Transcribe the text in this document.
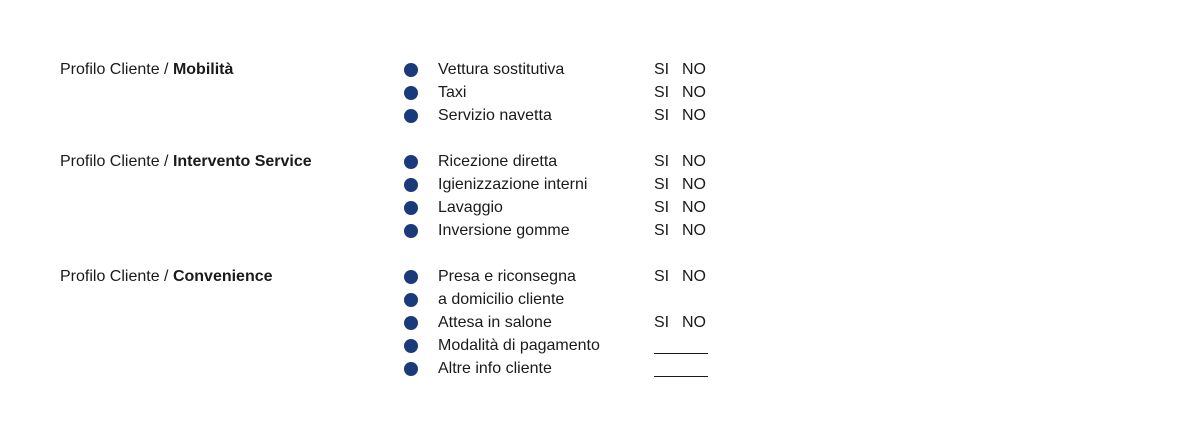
Profilo Cliente / Mobilità	Vettura sostitutiva	SI NO
Taxi	SI NO
Servizio navetta	SI NO
Profilo Cliente / Intervento Service	Ricezione diretta	SI NO
Igienizzazione interni	SI NO
Lavaggio	SI NO
Inversione gomme	SI NO
Profilo Cliente / Convenience	Presa e riconsegna	SI NO
a domicilio cliente
Attesa in salone	SI NO
Modalità di pagamento
Altre info cliente
